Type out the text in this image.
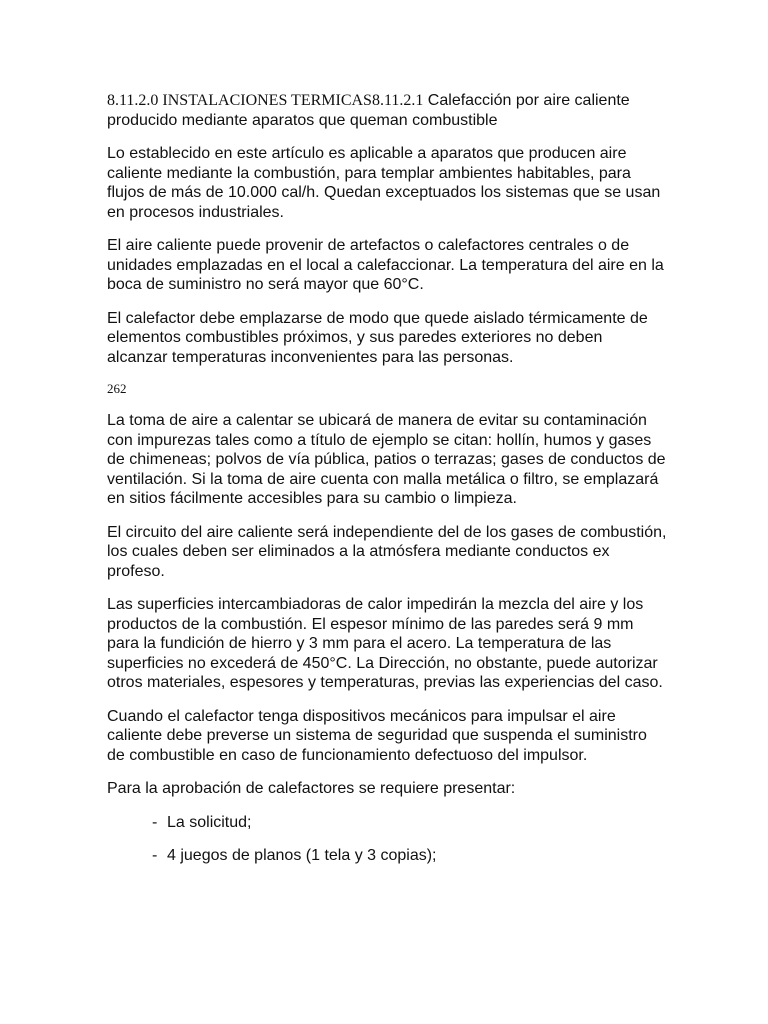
8.11.2.0 INSTALACIONES TERMICAS8.11.2.1 Calefacción por aire caliente producido mediante aparatos que queman combustible

Lo establecido en este artículo es aplicable a aparatos que producen aire caliente mediante la combustión, para templar ambientes habitables, para flujos de más de 10.000 cal/h. Quedan exceptuados los sistemas que se usan en procesos industriales.

El aire caliente puede provenir de artefactos o calefactores centrales o de unidades emplazadas en el local a calefaccionar. La temperatura del aire en la boca de suministro no será mayor que 60°C.

El calefactor debe emplazarse de modo que quede aislado térmicamente de elementos combustibles próximos, y sus paredes exteriores no deben alcanzar temperaturas inconvenientes para las personas.

262

La toma de aire a calentar se ubicará de manera de evitar su contaminación con impurezas tales como a título de ejemplo se citan: hollín, humos y gases de chimeneas; polvos de vía pública, patios o terrazas; gases de conductos de ventilación. Si la toma de aire cuenta con malla metálica o filtro, se emplazará en sitios fácilmente accesibles para su cambio o limpieza.

El circuito del aire caliente será independiente del de los gases de combustión, los cuales deben ser eliminados a la atmósfera mediante conductos ex profeso.

Las superficies intercambiadoras de calor impedirán la mezcla del aire y los productos de la combustión. El espesor mínimo de las paredes será 9 mm para la fundición de hierro y 3 mm para el acero. La temperatura de las superficies no excederá de 450°C. La Dirección, no obstante, puede autorizar otros materiales, espesores y temperaturas, previas las experiencias del caso.

Cuando el calefactor tenga dispositivos mecánicos para impulsar el aire caliente debe preverse un sistema de seguridad que suspenda el suministro de combustible en caso de funcionamiento defectuoso del impulsor.

Para la aprobación de calefactores se requiere presentar:

- La solicitud;
- 4 juegos de planos (1 tela y 3 copias);
